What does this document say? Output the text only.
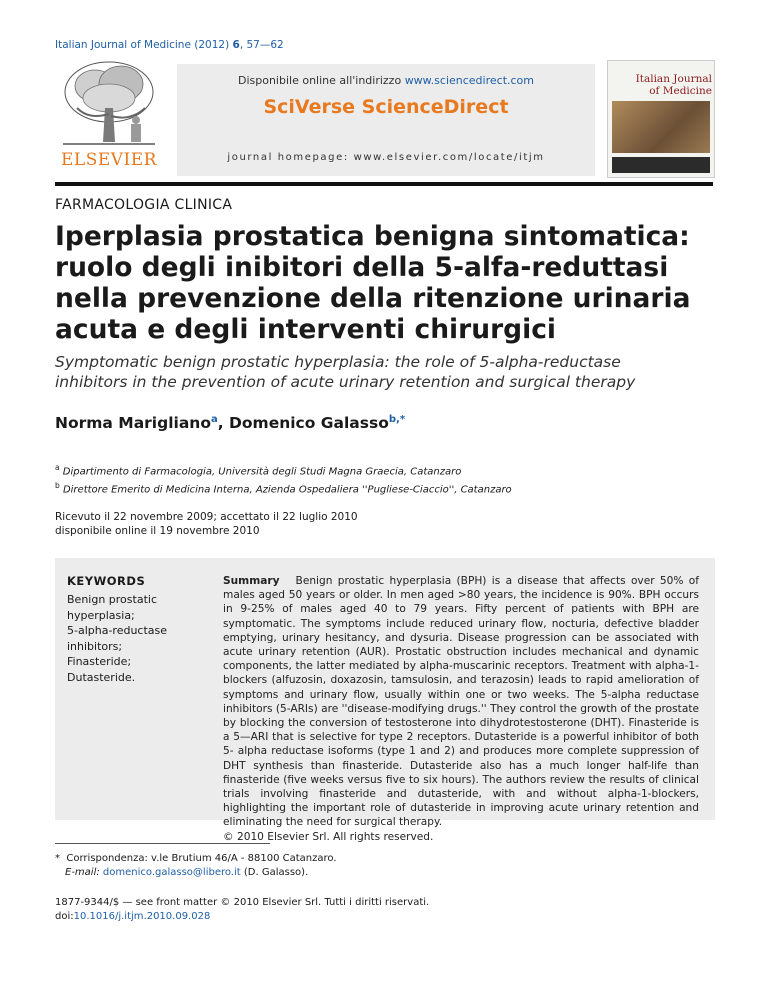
Italian Journal of Medicine (2012) 6, 57—62
ELSEVIER
Disponibile online all'indirizzo www.sciencedirect.com
SciVerse ScienceDirect
journal homepage: www.elsevier.com/locate/itjm
Italian Journal
of Medicine
FARMACOLOGIA CLINICA
Iperplasia prostatica benigna sintomatica:
ruolo degli inibitori della 5-alfa-reduttasi
nella prevenzione della ritenzione urinaria
acuta e degli interventi chirurgici
Symptomatic benign prostatic hyperplasia: the role of 5-alpha-reductase
inhibitors in the prevention of acute urinary retention and surgical therapy
Norma Marigliano$^a$, Domenico Galasso$^{b,*}$
$^a$ Dipartimento di Farmacologia, Università degli Studi Magna Graecia, Catanzaro
$^b$ Direttore Emerito di Medicina Interna, Azienda Ospedaliera ''Pugliese-Ciaccio'', Catanzaro
Ricevuto il 22 novembre 2009; accettato il 22 luglio 2010
disponibile online il 19 novembre 2010
KEYWORDS
Benign prostatic
hyperplasia;
5-alpha-reductase
inhibitors;
Finasteride;
Dutasteride.
Summary Benign prostatic hyperplasia (BPH) is a disease that affects over 50% of males aged 50 years or older. In men aged >80 years, the incidence is 90%. BPH occurs in 9-25% of males aged 40 to 79 years. Fifty percent of patients with BPH are symptomatic. The symptoms include reduced urinary flow, nocturia, defective bladder emptying, urinary hesitancy, and dysuria. Disease progression can be associated with acute urinary retention (AUR). Prostatic obstruction includes mechanical and dynamic components, the latter mediated by alpha-muscarinic receptors. Treatment with alpha-1-blockers (alfuzosin, doxazosin, tamsulosin, and terazosin) leads to rapid amelioration of symptoms and urinary flow, usually within one or two weeks. The 5-alpha reductase inhibitors (5-ARIs) are ''disease-modifying drugs.'' They control the growth of the prostate by blocking the conversion of testosterone into dihydrotestosterone (DHT). Finasteride is a 5—ARI that is selective for type 2 receptors. Dutasteride is a powerful inhibitor of both 5- alpha reductase isoforms (type 1 and 2) and produces more complete suppression of DHT synthesis than finasteride. Dutasteride also has a much longer half-life than finasteride (five weeks versus five to six hours). The authors review the results of clinical trials involving finasteride and dutasteride, with and without alpha-1-blockers, highlighting the important role of dutasteride in improving acute urinary retention and eliminating the need for surgical therapy.
© 2010 Elsevier Srl. All rights reserved.
* Corrispondenza: v.le Brutium 46/A - 88100 Catanzaro.
E-mail: domenico.galasso@libero.it (D. Galasso).
1877-9344/$ — see front matter © 2010 Elsevier Srl. Tutti i diritti riservati.
doi:10.1016/j.itjm.2010.09.028
